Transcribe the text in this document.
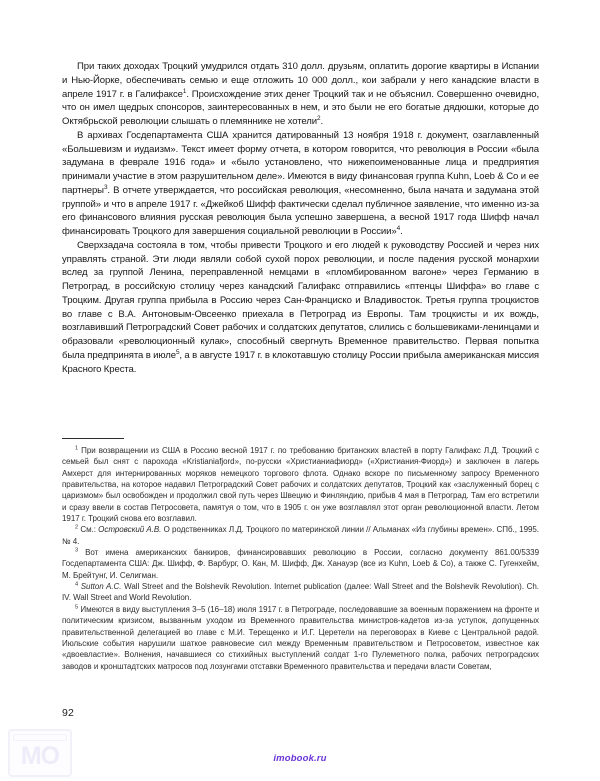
При таких доходах Троцкий умудрился отдать 310 долл. друзьям, оплатить дорогие квартиры в Испании и Нью-Йорке, обеспечивать семью и еще отложить 10 000 долл., кои забрали у него канадские власти в апреле 1917 г. в Галифаксе$^1$. Происхождение этих денег Троцкий так и не объяснил. Совершенно очевидно, что он имел щедрых спонсоров, заинтересованных в нем, и это были не его богатые дядюшки, которые до Октябрьской революции слышать о племяннике не хотели$^2$.

В архивах Госдепартамента США хранится датированный 13 ноября 1918 г. документ, озаглавленный «Большевизм и иудаизм». Текст имеет форму отчета, в котором говорится, что революция в России «была задумана в феврале 1916 года» и «было установлено, что нижепоименованные лица и предприятия принимали участие в этом разрушительном деле». Имеются в виду финансовая группа Kuhn, Loeb & Co и ее партнеры$^3$. В отчете утверждается, что российская революция, «несомненно, была начата и задумана этой группой» и что в апреле 1917 г. «Джейкоб Шифф фактически сделал публичное заявление, что именно из-за его финансового влияния русская революция была успешно завершена, а весной 1917 года Шифф начал финансировать Троцкого для завершения социальной революции в России»$^4$.

Сверхзадача состояла в том, чтобы привести Троцкого и его людей к руководству Россией и через них управлять страной. Эти люди являли собой сухой порох революции, и после падения русской монархии вслед за группой Ленина, переправленной немцами в «пломбированном вагоне» через Германию в Петроград, в российскую столицу через канадский Галифакс отправились «птенцы Шиффа» во главе с Троцким. Другая группа прибыла в Россию через Сан-Франциско и Владивосток. Третья группа троцкистов во главе с В.А. Антоновым-Овсеенко приехала в Петроград из Европы. Там троцкисты и их вождь, возглавивший Петроградский Совет рабочих и солдатских депутатов, слились с большевиками-ленинцами и образовали «революционный кулак», способный свергнуть Временное правительство. Первая попытка была предпринята в июле$^5$, а в августе 1917 г. в клокотавшую столицу России прибыла американская миссия Красного Креста.

$^1$ При возвращении из США в Россию весной 1917 г. по требованию британских властей в порту Галифакс Л.Д. Троцкий с семьей был снят с парохода «Kristianiafjord», по-русски «Христианиафиорд» («Христиания-Фиорд») и заключен в лагерь Амхерст для интернированных моряков немецкого торгового флота. Однако вскоре по письменному запросу Временного правительства, на которое надавил Петроградский Совет рабочих и солдатских депутатов, Троцкий как «заслуженный борец с царизмом» был освобожден и продолжил свой путь через Швецию и Финляндию, прибыв 4 мая в Петроград. Там его встретили и сразу ввели в состав Петросовета, памятуя о том, что в 1905 г. он уже возглавлял этот орган революционной власти. Летом 1917 г. Троцкий снова его возглавил.

$^2$ См.: Островский А.В. О родственниках Л.Д. Троцкого по материнской линии // Альманах «Из глубины времен». СПб., 1995. № 4.

$^3$ Вот имена американских банкиров, финансировавших революцию в России, согласно документу 861.00/5339 Госдепартамента США: Дж. Шифф, Ф. Варбург, О. Кан, М. Шифф, Дж. Ханауэр (все из Kuhn, Loeb & Co), а также С. Гугенхейм, М. Брейтунг, И. Селигман.

$^4$ Sutton A.C. Wall Street and the Bolshevik Revolution. Internet publication (далее: Wall Street and the Bolshevik Revolution). Ch. IV. Wall Street and World Revolution.

$^5$ Имеются в виду выступления 3–5 (16–18) июля 1917 г. в Петрограде, последовавшие за военным поражением на фронте и политическим кризисом, вызванным уходом из Временного правительства министров-кадетов из-за уступок, допущенных правительственной делегацией во главе с М.И. Терещенко и И.Г. Церетели на переговорах в Киеве с Центральной радой. Июльские события нарушили шаткое равновесие сил между Временным правительством и Петросоветом, известное как «двоевластие». Волнения, начавшиеся со стихийных выступлений солдат 1-го Пулеметного полка, рабочих петроградских заводов и кронштадтских матросов под лозунгами отставки Временного правительства и передачи власти Советам,

92
MO	imobook.ru
